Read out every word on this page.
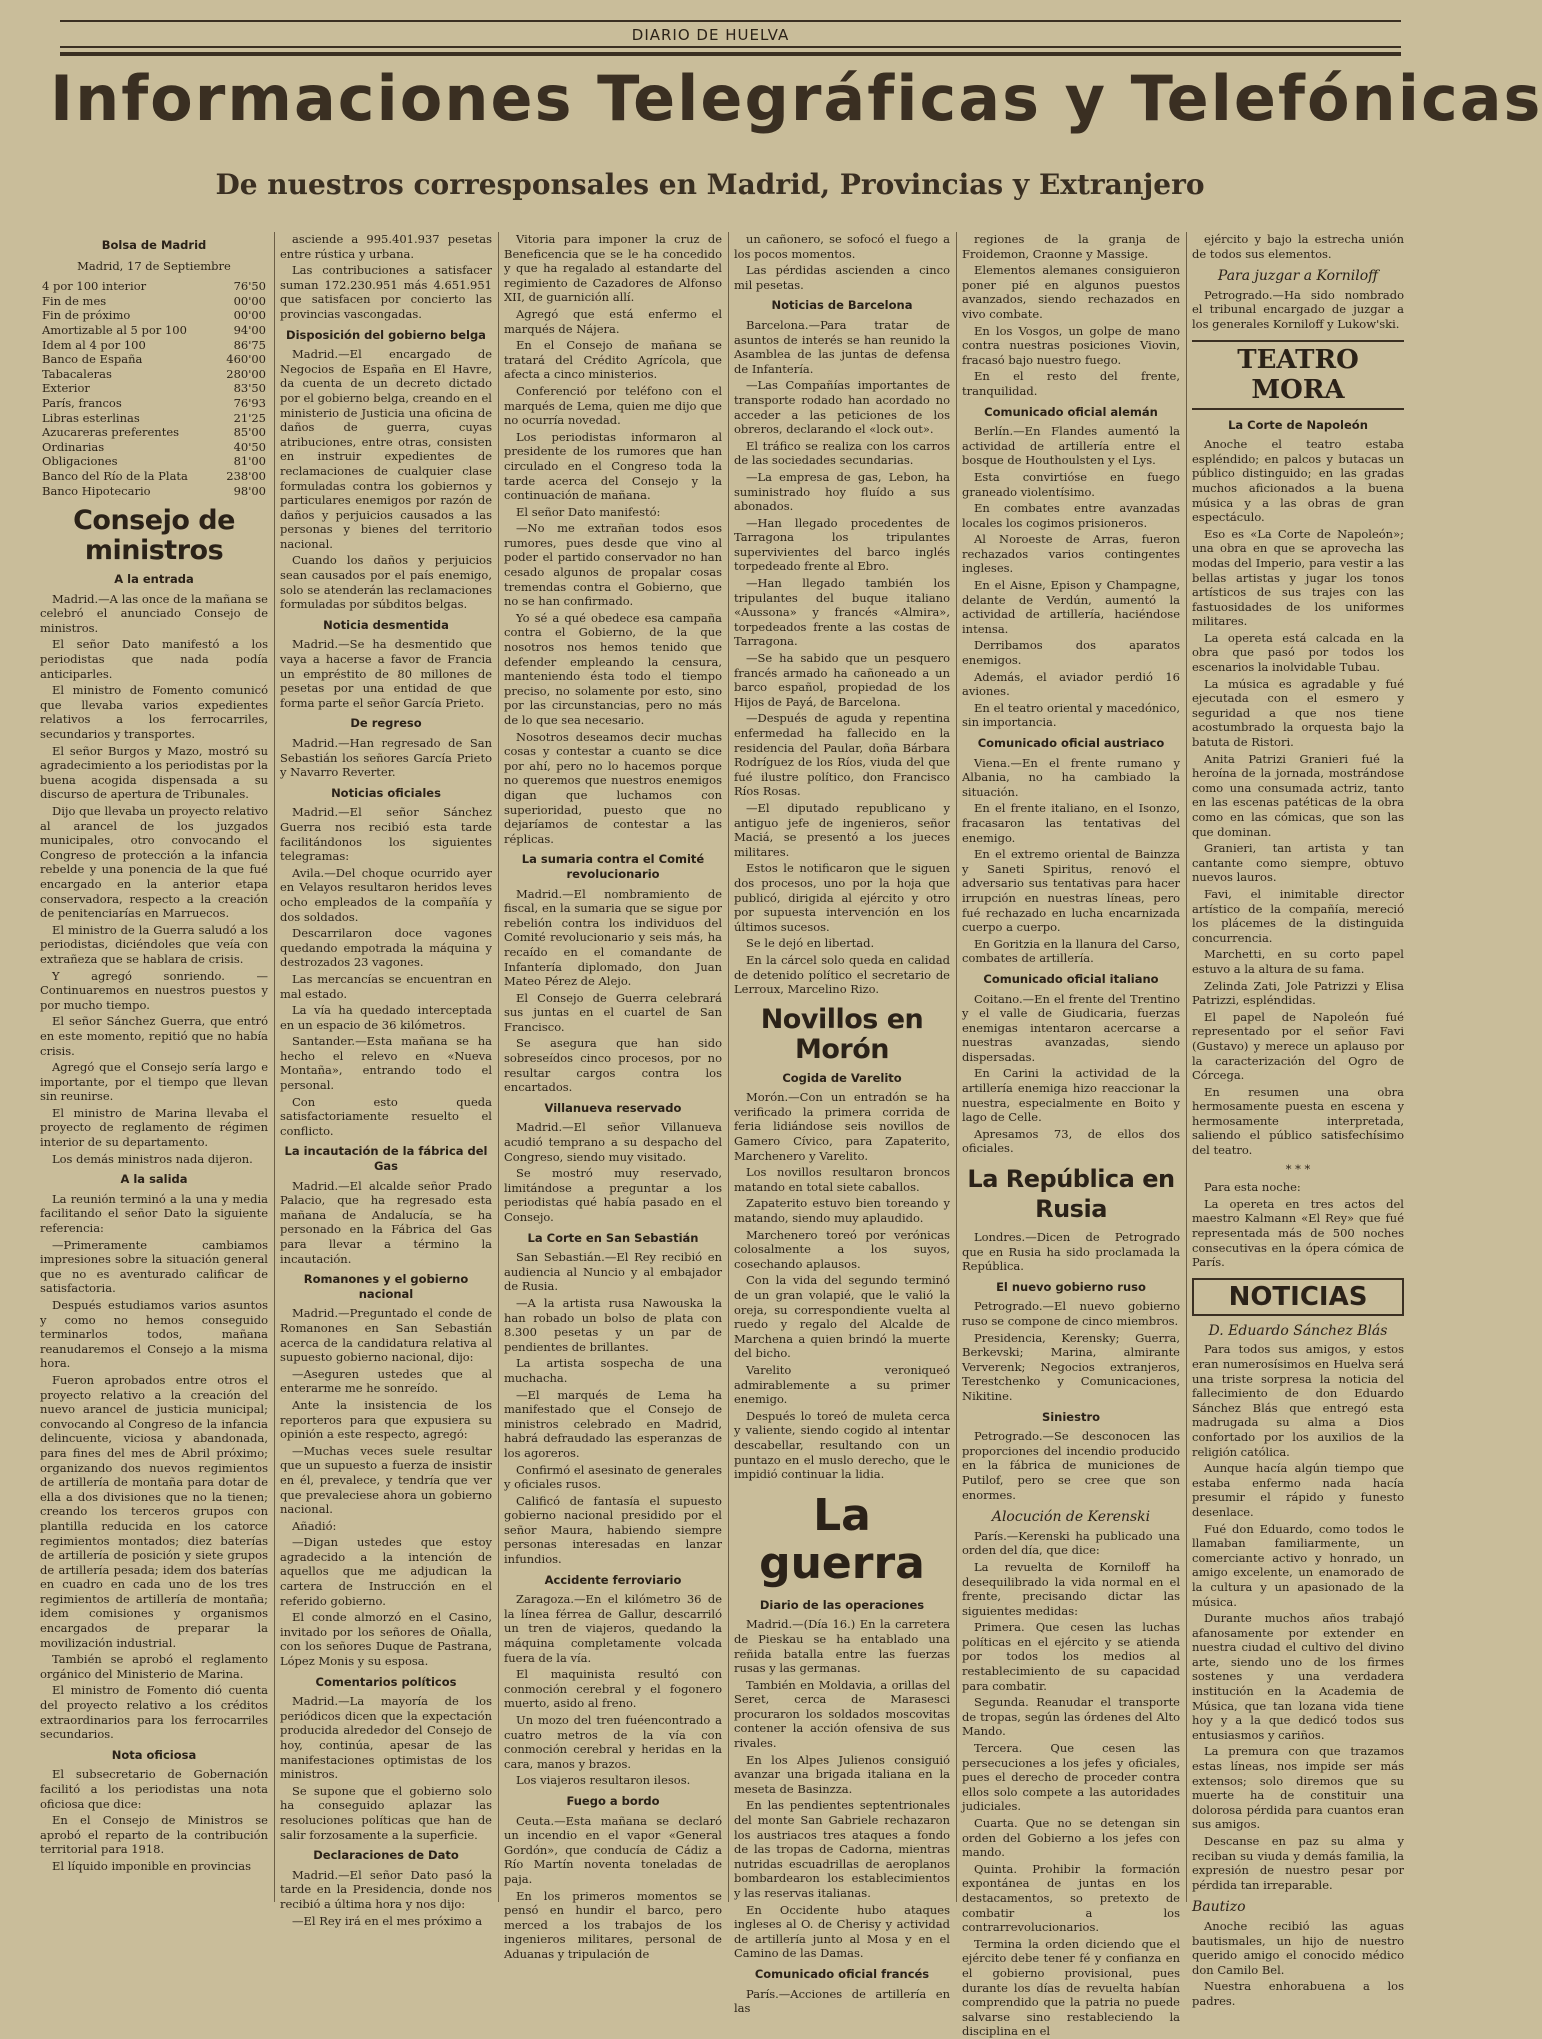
DIARIO DE HUELVA
Informaciones Telegráficas y Telefónicas
De nuestros corresponsales en Madrid, Provincias y Extranjero
Bolsa de Madrid
Madrid, 17 de Septiembre
4 por 100 interior	76'50
Fin de mes	00'00
Fin de próximo	00'00
Amortizable al 5 por 100	94'00
Idem al 4 por 100	86'75
Banco de España	460'00
Tabacaleras	280'00
Exterior	83'50
París, francos	76'93
Libras esterlinas	21'25
Azucareras preferentes	85'00
Ordinarias	40'50
Obligaciones	81'00
Banco del Río de la Plata	238'00
Banco Hipotecario	98'00
Consejo de ministros
A la entrada

Madrid.—A las once de la mañana se celebró el anunciado Consejo de ministros.

El señor Dato manifestó a los periodistas que nada podía anticiparles.

El ministro de Fomento comunicó que llevaba varios expedientes relativos a los ferrocarriles, secundarios y transportes.

El señor Burgos y Mazo, mostró su agradecimiento a los periodistas por la buena acogida dispensada a su discurso de apertura de Tribunales.

Dijo que llevaba un proyecto relativo al arancel de los juzgados municipales, otro convocando el Congreso de protección a la infancia rebelde y una ponencia de la que fué encargado en la anterior etapa conservadora, respecto a la creación de penitenciarías en Marruecos.

El ministro de la Guerra saludó a los periodistas, diciéndoles que veía con extrañeza que se hablara de crisis.

Y agregó sonriendo. — Continuaremos en nuestros puestos y por mucho tiempo.

El señor Sánchez Guerra, que entró en este momento, repitió que no había crisis.

Agregó que el Consejo sería largo e importante, por el tiempo que llevan sin reunirse.

El ministro de Marina llevaba el proyecto de reglamento de régimen interior de su departamento.

Los demás ministros nada dijeron.

A la salida

La reunión terminó a la una y media facilitando el señor Dato la siguiente referencia:

—Primeramente cambiamos impresiones sobre la situación general que no es aventurado calificar de satisfactoria.

Después estudiamos varios asuntos y como no hemos conseguido terminarlos todos, mañana reanudaremos el Consejo a la misma hora.

Fueron aprobados entre otros el proyecto relativo a la creación del nuevo arancel de justicia municipal; convocando al Congreso de la infancia delincuente, viciosa y abandonada, para fines del mes de Abril próximo; organizando dos nuevos regimientos de artillería de montaña para dotar de ella a dos divisiones que no la tienen; creando los terceros grupos con plantilla reducida en los catorce regimientos montados; diez baterías de artillería de posición y siete grupos de artillería pesada; idem dos baterías en cuadro en cada uno de los tres regimientos de artillería de montaña; idem comisiones y organismos encargados de preparar la movilización industrial.

También se aprobó el reglamento orgánico del Ministerio de Marina.

El ministro de Fomento dió cuenta del proyecto relativo a los créditos extraordinarios para los ferrocarriles secundarios.

Nota oficiosa

El subsecretario de Gobernación facilitó a los periodistas una nota oficiosa que dice:

En el Consejo de Ministros se aprobó el reparto de la contribución territorial para 1918.

El líquido imponible en provincias

asciende a 995.401.937 pesetas entre rústica y urbana.

Las contribuciones a satisfacer suman 172.230.951 más 4.651.951 que satisfacen por concierto las provincias vascongadas.

Disposición del gobierno belga

Madrid.—El encargado de Negocios de España en El Havre, da cuenta de un decreto dictado por el gobierno belga, creando en el ministerio de Justicia una oficina de daños de guerra, cuyas atribuciones, entre otras, consisten en instruir expedientes de reclamaciones de cualquier clase formuladas contra los gobiernos y particulares enemigos por razón de daños y perjuicios causados a las personas y bienes del territorio nacional.

Cuando los daños y perjuicios sean causados por el país enemigo, solo se atenderán las reclamaciones formuladas por súbditos belgas.

Noticia desmentida

Madrid.—Se ha desmentido que vaya a hacerse a favor de Francia un empréstito de 80 millones de pesetas por una entidad de que forma parte el señor García Prieto.

De regreso

Madrid.—Han regresado de San Sebastián los señores García Prieto y Navarro Reverter.

Noticias oficiales

Madrid.—El señor Sánchez Guerra nos recibió esta tarde facilitándonos los siguientes telegramas:

Avila.—Del choque ocurrido ayer en Velayos resultaron heridos leves ocho empleados de la compañía y dos soldados.

Descarrilaron doce vagones quedando empotrada la máquina y destrozados 23 vagones.

Las mercancías se encuentran en mal estado.

La vía ha quedado interceptada en un espacio de 36 kilómetros.

Santander.—Esta mañana se ha hecho el relevo en «Nueva Montaña», entrando todo el personal.

Con esto queda satisfactoriamente resuelto el conflicto.

La incautación de la fábrica del Gas

Madrid.—El alcalde señor Prado Palacio, que ha regresado esta mañana de Andalucía, se ha personado en la Fábrica del Gas para llevar a término la incautación.

Romanones y el gobierno nacional

Madrid.—Preguntado el conde de Romanones en San Sebastián acerca de la candidatura relativa al supuesto gobierno nacional, dijo:

—Aseguren ustedes que al enterarme me he sonreído.

Ante la insistencia de los reporteros para que expusiera su opinión a este respecto, agregó:

—Muchas veces suele resultar que un supuesto a fuerza de insistir en él, prevalece, y tendría que ver que prevaleciese ahora un gobierno nacional.

Añadió:

—Digan ustedes que estoy agradecido a la intención de aquellos que me adjudican la cartera de Instrucción en el referido gobierno.

El conde almorzó en el Casino, invitado por los señores de Oñalla, con los señores Duque de Pastrana, López Monis y su esposa.

Comentarios políticos

Madrid.—La mayoría de los periódicos dicen que la expectación producida alrededor del Consejo de hoy, continúa, apesar de las manifestaciones optimistas de los ministros.

Se supone que el gobierno solo ha conseguido aplazar las resoluciones políticas que han de salir forzosamente a la superficie.

Declaraciones de Dato

Madrid.—El señor Dato pasó la tarde en la Presidencia, donde nos recibió a última hora y nos dijo:

—El Rey irá en el mes próximo a

Vitoria para imponer la cruz de Beneficencia que se le ha concedido y que ha regalado al estandarte del regimiento de Cazadores de Alfonso XII, de guarnición allí.

Agregó que está enfermo el marqués de Nájera.

En el Consejo de mañana se tratará del Crédito Agrícola, que afecta a cinco ministerios.

Conferenció por teléfono con el marqués de Lema, quien me dijo que no ocurría novedad.

Los periodistas informaron al presidente de los rumores que han circulado en el Congreso toda la tarde acerca del Consejo y la continuación de mañana.

El señor Dato manifestó:

—No me extrañan todos esos rumores, pues desde que vino al poder el partido conservador no han cesado algunos de propalar cosas tremendas contra el Gobierno, que no se han confirmado.

Yo sé a qué obedece esa campaña contra el Gobierno, de la que nosotros nos hemos tenido que defender empleando la censura, manteniendo ésta todo el tiempo preciso, no solamente por esto, sino por las circunstancias, pero no más de lo que sea necesario.

Nosotros deseamos decir muchas cosas y contestar a cuanto se dice por ahí, pero no lo hacemos porque no queremos que nuestros enemigos digan que luchamos con superioridad, puesto que no dejaríamos de contestar a las réplicas.

La sumaria contra el Comité revolucionario

Madrid.—El nombramiento de fiscal, en la sumaria que se sigue por rebelión contra los individuos del Comité revolucionario y seis más, ha recaído en el comandante de Infantería diplomado, don Juan Mateo Pérez de Alejo.

El Consejo de Guerra celebrará sus juntas en el cuartel de San Francisco.

Se asegura que han sido sobreseídos cinco procesos, por no resultar cargos contra los encartados.

Villanueva reservado

Madrid.—El señor Villanueva acudió temprano a su despacho del Congreso, siendo muy visitado.

Se mostró muy reservado, limitándose a preguntar a los periodistas qué había pasado en el Consejo.

La Corte en San Sebastián

San Sebastián.—El Rey recibió en audiencia al Nuncio y al embajador de Rusia.

—A la artista rusa Nawouska la han robado un bolso de plata con 8.300 pesetas y un par de pendientes de brillantes.

La artista sospecha de una muchacha.

—El marqués de Lema ha manifestado que el Consejo de ministros celebrado en Madrid, habrá defraudado las esperanzas de los agoreros.

Confirmó el asesinato de generales y oficiales rusos.

Calificó de fantasía el supuesto gobierno nacional presidido por el señor Maura, habiendo siempre personas interesadas en lanzar infundios.

Accidente ferroviario

Zaragoza.—En el kilómetro 36 de la línea férrea de Gallur, descarriló un tren de viajeros, quedando la máquina completamente volcada fuera de la vía.

El maquinista resultó con conmoción cerebral y el fogonero muerto, asido al freno.

Un mozo del tren fuéencontrado a cuatro metros de la vía con conmoción cerebral y heridas en la cara, manos y brazos.

Los viajeros resultaron ilesos.

Fuego a bordo

Ceuta.—Esta mañana se declaró un incendio en el vapor «General Gordón», que conducía de Cádiz a Río Martín noventa toneladas de paja.

En los primeros momentos se pensó en hundir el barco, pero merced a los trabajos de los ingenieros militares, personal de Aduanas y tripulación de

un cañonero, se sofocó el fuego a los pocos momentos.

Las pérdidas ascienden a cinco mil pesetas.

Noticias de Barcelona

Barcelona.—Para tratar de asuntos de interés se han reunido la Asamblea de las juntas de defensa de Infantería.

—Las Compañías importantes de transporte rodado han acordado no acceder a las peticiones de los obreros, declarando el «lock out».

El tráfico se realiza con los carros de las sociedades secundarias.

—La empresa de gas, Lebon, ha suministrado hoy fluído a sus abonados.

—Han llegado procedentes de Tarragona los tripulantes supervivientes del barco inglés torpedeado frente al Ebro.

—Han llegado también los tripulantes del buque italiano «Aussona» y francés «Almira», torpedeados frente a las costas de Tarragona.

—Se ha sabido que un pesquero francés armado ha cañoneado a un barco español, propiedad de los Hijos de Payá, de Barcelona.

—Después de aguda y repentina enfermedad ha fallecido en la residencia del Paular, doña Bárbara Rodríguez de los Ríos, viuda del que fué ilustre político, don Francisco Ríos Rosas.

—El diputado republicano y antiguo jefe de ingenieros, señor Maciá, se presentó a los jueces militares.

Estos le notificaron que le siguen dos procesos, uno por la hoja que publicó, dirigida al ejército y otro por supuesta intervención en los últimos sucesos.

Se le dejó en libertad.

En la cárcel solo queda en calidad de detenido político el secretario de Lerroux, Marcelino Rizo.

Novillos en Morón
Cogida de Varelito

Morón.—Con un entradón se ha verificado la primera corrida de feria lidiándose seis novillos de Gamero Cívico, para Zapaterito, Marchenero y Varelito.

Los novillos resultaron broncos matando en total siete caballos.

Zapaterito estuvo bien toreando y matando, siendo muy aplaudido.

Marchenero toreó por verónicas colosalmente a los suyos, cosechando aplausos.

Con la vida del segundo terminó de un gran volapié, que le valió la oreja, su correspondiente vuelta al ruedo y regalo del Alcalde de Marchena a quien brindó la muerte del bicho.

Varelito veroniqueó admirablemente a su primer enemigo.

Después lo toreó de muleta cerca y valiente, siendo cogido al intentar descabellar, resultando con un puntazo en el muslo derecho, que le impidió continuar la lidia.

La guerra
Diario de las operaciones

Madrid.—(Día 16.) En la carretera de Pieskau se ha entablado una reñida batalla entre las fuerzas rusas y las germanas.

También en Moldavia, a orillas del Seret, cerca de Marasesci procuraron los soldados moscovitas contener la acción ofensiva de sus rivales.

En los Alpes Julienos consiguió avanzar una brigada italiana en la meseta de Basinzza.

En las pendientes septentrionales del monte San Gabriele rechazaron los austriacos tres ataques a fondo de las tropas de Cadorna, mientras nutridas escuadrillas de aeroplanos bombardearon los establecimientos y las reservas italianas.

En Occidente hubo ataques ingleses al O. de Cherisy y actividad de artillería junto al Mosa y en el Camino de las Damas.

Comunicado oficial francés

París.—Acciones de artillería en las

regiones de la granja de Froidemon, Craonne y Massige.

Elementos alemanes consiguieron poner pié en algunos puestos avanzados, siendo rechazados en vivo combate.

En los Vosgos, un golpe de mano contra nuestras posiciones Viovin, fracasó bajo nuestro fuego.

En el resto del frente, tranquilidad.

Comunicado oficial alemán

Berlín.—En Flandes aumentó la actividad de artillería entre el bosque de Houthoulsten y el Lys.

Esta convirtióse en fuego graneado violentísimo.

En combates entre avanzadas locales los cogimos prisioneros.

Al Noroeste de Arras, fueron rechazados varios contingentes ingleses.

En el Aisne, Epison y Champagne, delante de Verdún, aumentó la actividad de artillería, haciéndose intensa.

Derribamos dos aparatos enemigos.

Además, el aviador perdió 16 aviones.

En el teatro oriental y macedónico, sin importancia.

Comunicado oficial austriaco

Viena.—En el frente rumano y Albania, no ha cambiado la situación.

En el frente italiano, en el Isonzo, fracasaron las tentativas del enemigo.

En el extremo oriental de Bainzza y Saneti Spiritus, renovó el adversario sus tentativas para hacer irrupción en nuestras líneas, pero fué rechazado en lucha encarnizada cuerpo a cuerpo.

En Goritzia en la llanura del Carso, combates de artillería.

Comunicado oficial italiano

Coitano.—En el frente del Trentino y el valle de Giudicaria, fuerzas enemigas intentaron acercarse a nuestras avanzadas, siendo dispersadas.

En Carini la actividad de la artillería enemiga hizo reaccionar la nuestra, especialmente en Boito y lago de Celle.

Apresamos 73, de ellos dos oficiales.

La República en Rusia

Londres.—Dicen de Petrogrado que en Rusia ha sido proclamada la República.

El nuevo gobierno ruso

Petrogrado.—El nuevo gobierno ruso se compone de cinco miembros.

Presidencia, Kerensky; Guerra, Berkevski; Marina, almirante Ververenk; Negocios extranjeros, Terestchenko y Comunicaciones, Nikitine.

Siniestro

Petrogrado.—Se desconocen las proporciones del incendio producido en la fábrica de municiones de Putilof, pero se cree que son enormes.

Alocución de Kerenski

París.—Kerenski ha publicado una orden del día, que dice:

La revuelta de Korniloff ha desequilibrado la vida normal en el frente, precisando dictar las siguientes medidas:

Primera. Que cesen las luchas políticas en el ejército y se atienda por todos los medios al restablecimiento de su capacidad para combatir.

Segunda. Reanudar el transporte de tropas, según las órdenes del Alto Mando.

Tercera. Que cesen las persecuciones a los jefes y oficiales, pues el derecho de proceder contra ellos solo compete a las autoridades judiciales.

Cuarta. Que no se detengan sin orden del Gobierno a los jefes con mando.

Quinta. Prohibir la formación expontánea de juntas en los destacamentos, so pretexto de combatir a los contrarrevolucionarios.

Termina la orden diciendo que el ejército debe tener fé y confianza en el gobierno provisional, pues durante los días de revuelta habían comprendido que la patria no puede salvarse sino restableciendo la disciplina en el

ejército y bajo la estrecha unión de todos sus elementos.

Para juzgar a Korniloff

Petrogrado.—Ha sido nombrado el tribunal encargado de juzgar a los generales Korniloff y Lukow'ski.

TEATRO MORA
La Corte de Napoleón

Anoche el teatro estaba espléndido; en palcos y butacas un público distinguido; en las gradas muchos aficionados a la buena música y a las obras de gran espectáculo.

Eso es «La Corte de Napoleón»; una obra en que se aprovecha las modas del Imperio, para vestir a las bellas artistas y jugar los tonos artísticos de sus trajes con las fastuosidades de los uniformes militares.

La opereta está calcada en la obra que pasó por todos los escenarios la inolvidable Tubau.

La música es agradable y fué ejecutada con el esmero y seguridad a que nos tiene acostumbrado la orquesta bajo la batuta de Ristori.

Anita Patrizi Granieri fué la heroína de la jornada, mostrándose como una consumada actriz, tanto en las escenas patéticas de la obra como en las cómicas, que son las que dominan.

Granieri, tan artista y tan cantante como siempre, obtuvo nuevos lauros.

Favi, el inimitable director artístico de la compañía, mereció los plácemes de la distinguida concurrencia.

Marchetti, en su corto papel estuvo a la altura de su fama.

Zelinda Zati, Jole Patrizzi y Elisa Patrizzi, espléndidas.

El papel de Napoleón fué representado por el señor Favi (Gustavo) y merece un aplauso por la caracterización del Ogro de Córcega.

En resumen una obra hermosamente puesta en escena y hermosamente interpretada, saliendo el público satisfechísimo del teatro.

* * *

Para esta noche:

La opereta en tres actos del maestro Kalmann «El Rey» que fué representada más de 500 noches consecutivas en la ópera cómica de París.

NOTICIAS
D. Eduardo Sánchez Blás

Para todos sus amigos, y estos eran numerosísimos en Huelva será una triste sorpresa la noticia del fallecimiento de don Eduardo Sánchez Blás que entregó esta madrugada su alma a Dios confortado por los auxilios de la religión católica.

Aunque hacía algún tiempo que estaba enfermo nada hacía presumir el rápido y funesto desenlace.

Fué don Eduardo, como todos le llamaban familiarmente, un comerciante activo y honrado, un amigo excelente, un enamorado de la cultura y un apasionado de la música.

Durante muchos años trabajó afanosamente por extender en nuestra ciudad el cultivo del divino arte, siendo uno de los firmes sostenes y una verdadera institución en la Academia de Música, que tan lozana vida tiene hoy y a la que dedicó todos sus entusiasmos y cariños.

La premura con que trazamos estas líneas, nos impide ser más extensos; solo diremos que su muerte ha de constituir una dolorosa pérdida para cuantos eran sus amigos.

Descanse en paz su alma y reciban su viuda y demás familia, la expresión de nuestro pesar por pérdida tan irreparable.

Bautizo

Anoche recibió las aguas bautismales, un hijo de nuestro querido amigo el conocido médico don Camilo Bel.

Nuestra enhorabuena a los padres.
